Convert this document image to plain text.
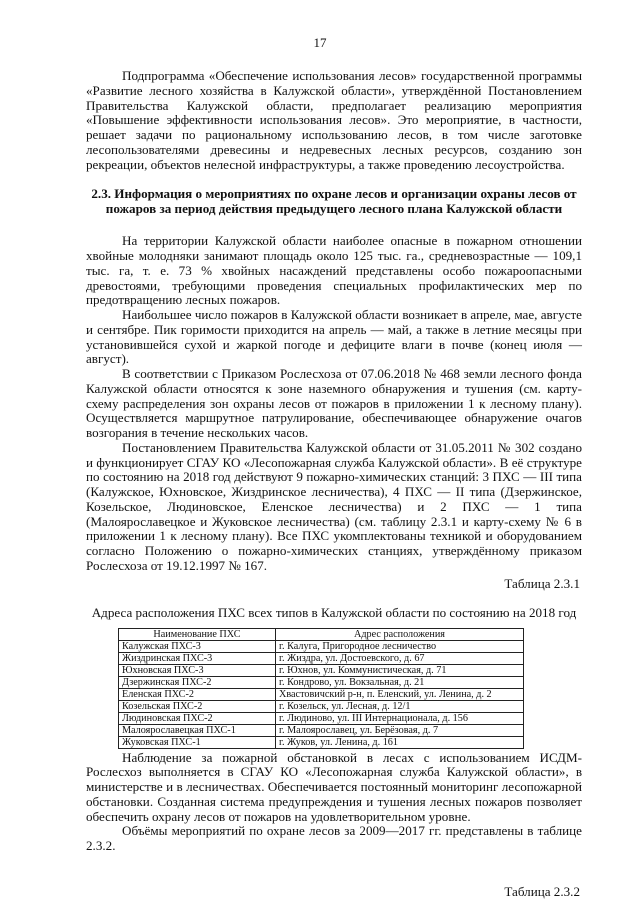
17

Подпрограмма «Обеспечение использования лесов» государственной программы «Развитие лесного хозяйства в Калужской области», утверждённой Постановлением Правительства Калужской области, предполагает реализацию мероприятия «Повышение эффективности использования лесов». Это мероприятие, в частности, решает задачи по рациональному использованию лесов, в том числе заготовке лесопользователями древесины и недревесных лесных ресурсов, созданию зон рекреации, объектов нелесной инфраструктуры, а также проведению лесоустройства.

2.3. Информация о мероприятиях по охране лесов и организации охраны лесов от пожаров за период действия предыдущего лесного плана Калужской области

На территории Калужской области наиболее опасные в пожарном отношении хвойные молодняки занимают площадь около 125 тыс. га., средневозрастные — 109,1 тыс. га, т. е. 73 % хвойных насаждений представлены особо пожароопасными древостоями, требующими проведения специальных профилактических мер по предотвращению лесных пожаров.

Наибольшее число пожаров в Калужской области возникает в апреле, мае, августе и сентябре. Пик горимости приходится на апрель — май, а также в летние месяцы при установившейся сухой и жаркой погоде и дефиците влаги в почве (конец июля — август).

В соответствии с Приказом Рослесхоза от 07.06.2018 № 468 земли лесного фонда Калужской области относятся к зоне наземного обнаружения и тушения (см. карту-схему распределения зон охраны лесов от пожаров в приложении 1 к лесному плану). Осуществляется маршрутное патрулирование, обеспечивающее обнаружение очагов возгорания в течение нескольких часов.

Постановлением Правительства Калужской области от 31.05.2011 № 302 создано и функционирует СГАУ КО «Лесопожарная служба Калужской области». В её структуре по состоянию на 2018 год действуют 9 пожарно-химических станций: 3 ПХС — III типа (Калужское, Юхновское, Жиздринское лесничества), 4 ПХС — II типа (Дзержинское, Козельское, Людиновское, Еленское лесничества) и 2 ПХС — 1 типа (Малоярославецкое и Жуковское лесничества) (см. таблицу 2.3.1 и карту-схему № 6 в приложении 1 к лесному плану). Все ПХС укомплектованы техникой и оборудованием согласно Положению о пожарно-химических станциях, утверждённому приказом Рослесхоза от 19.12.1997 № 167.

Таблица 2.3.1
Адреса расположения ПХС всех типов в Калужской области по состоянию на 2018 год
Наименование ПХС	Адрес расположения
Калужская ПХС-3	г. Калуга, Пригородное лесничество
Жиздринская ПХС-3	г. Жиздра, ул. Достоевского, д. 67
Юхновская ПХС-3	г. Юхнов, ул. Коммунистическая, д. 71
Дзержинская ПХС-2	г. Кондрово, ул. Вокзальная, д. 21
Еленская ПХС-2	Хвастовичский р-н, п. Еленский, ул. Ленина, д. 2
Козельская ПХС-2	г. Козельск, ул. Лесная, д. 12/1
Людиновская ПХС-2	г. Людиново, ул. III Интернационала, д. 156
Малоярославецкая ПХС-1	г. Малоярославец, ул. Берёзовая, д. 7
Жуковская ПХС-1	г. Жуков, ул. Ленина, д. 161

Наблюдение за пожарной обстановкой в лесах с использованием ИСДМ-Рослесхоз выполняется в СГАУ КО «Лесопожарная служба Калужской области», в министерстве и в лесничествах. Обеспечивается постоянный мониторинг лесопожарной обстановки. Созданная система предупреждения и тушения лесных пожаров позволяет обеспечить охрану лесов от пожаров на удовлетворительном уровне.

Объёмы мероприятий по охране лесов за 2009—2017 гг. представлены в таблице 2.3.2.

Таблица 2.3.2
